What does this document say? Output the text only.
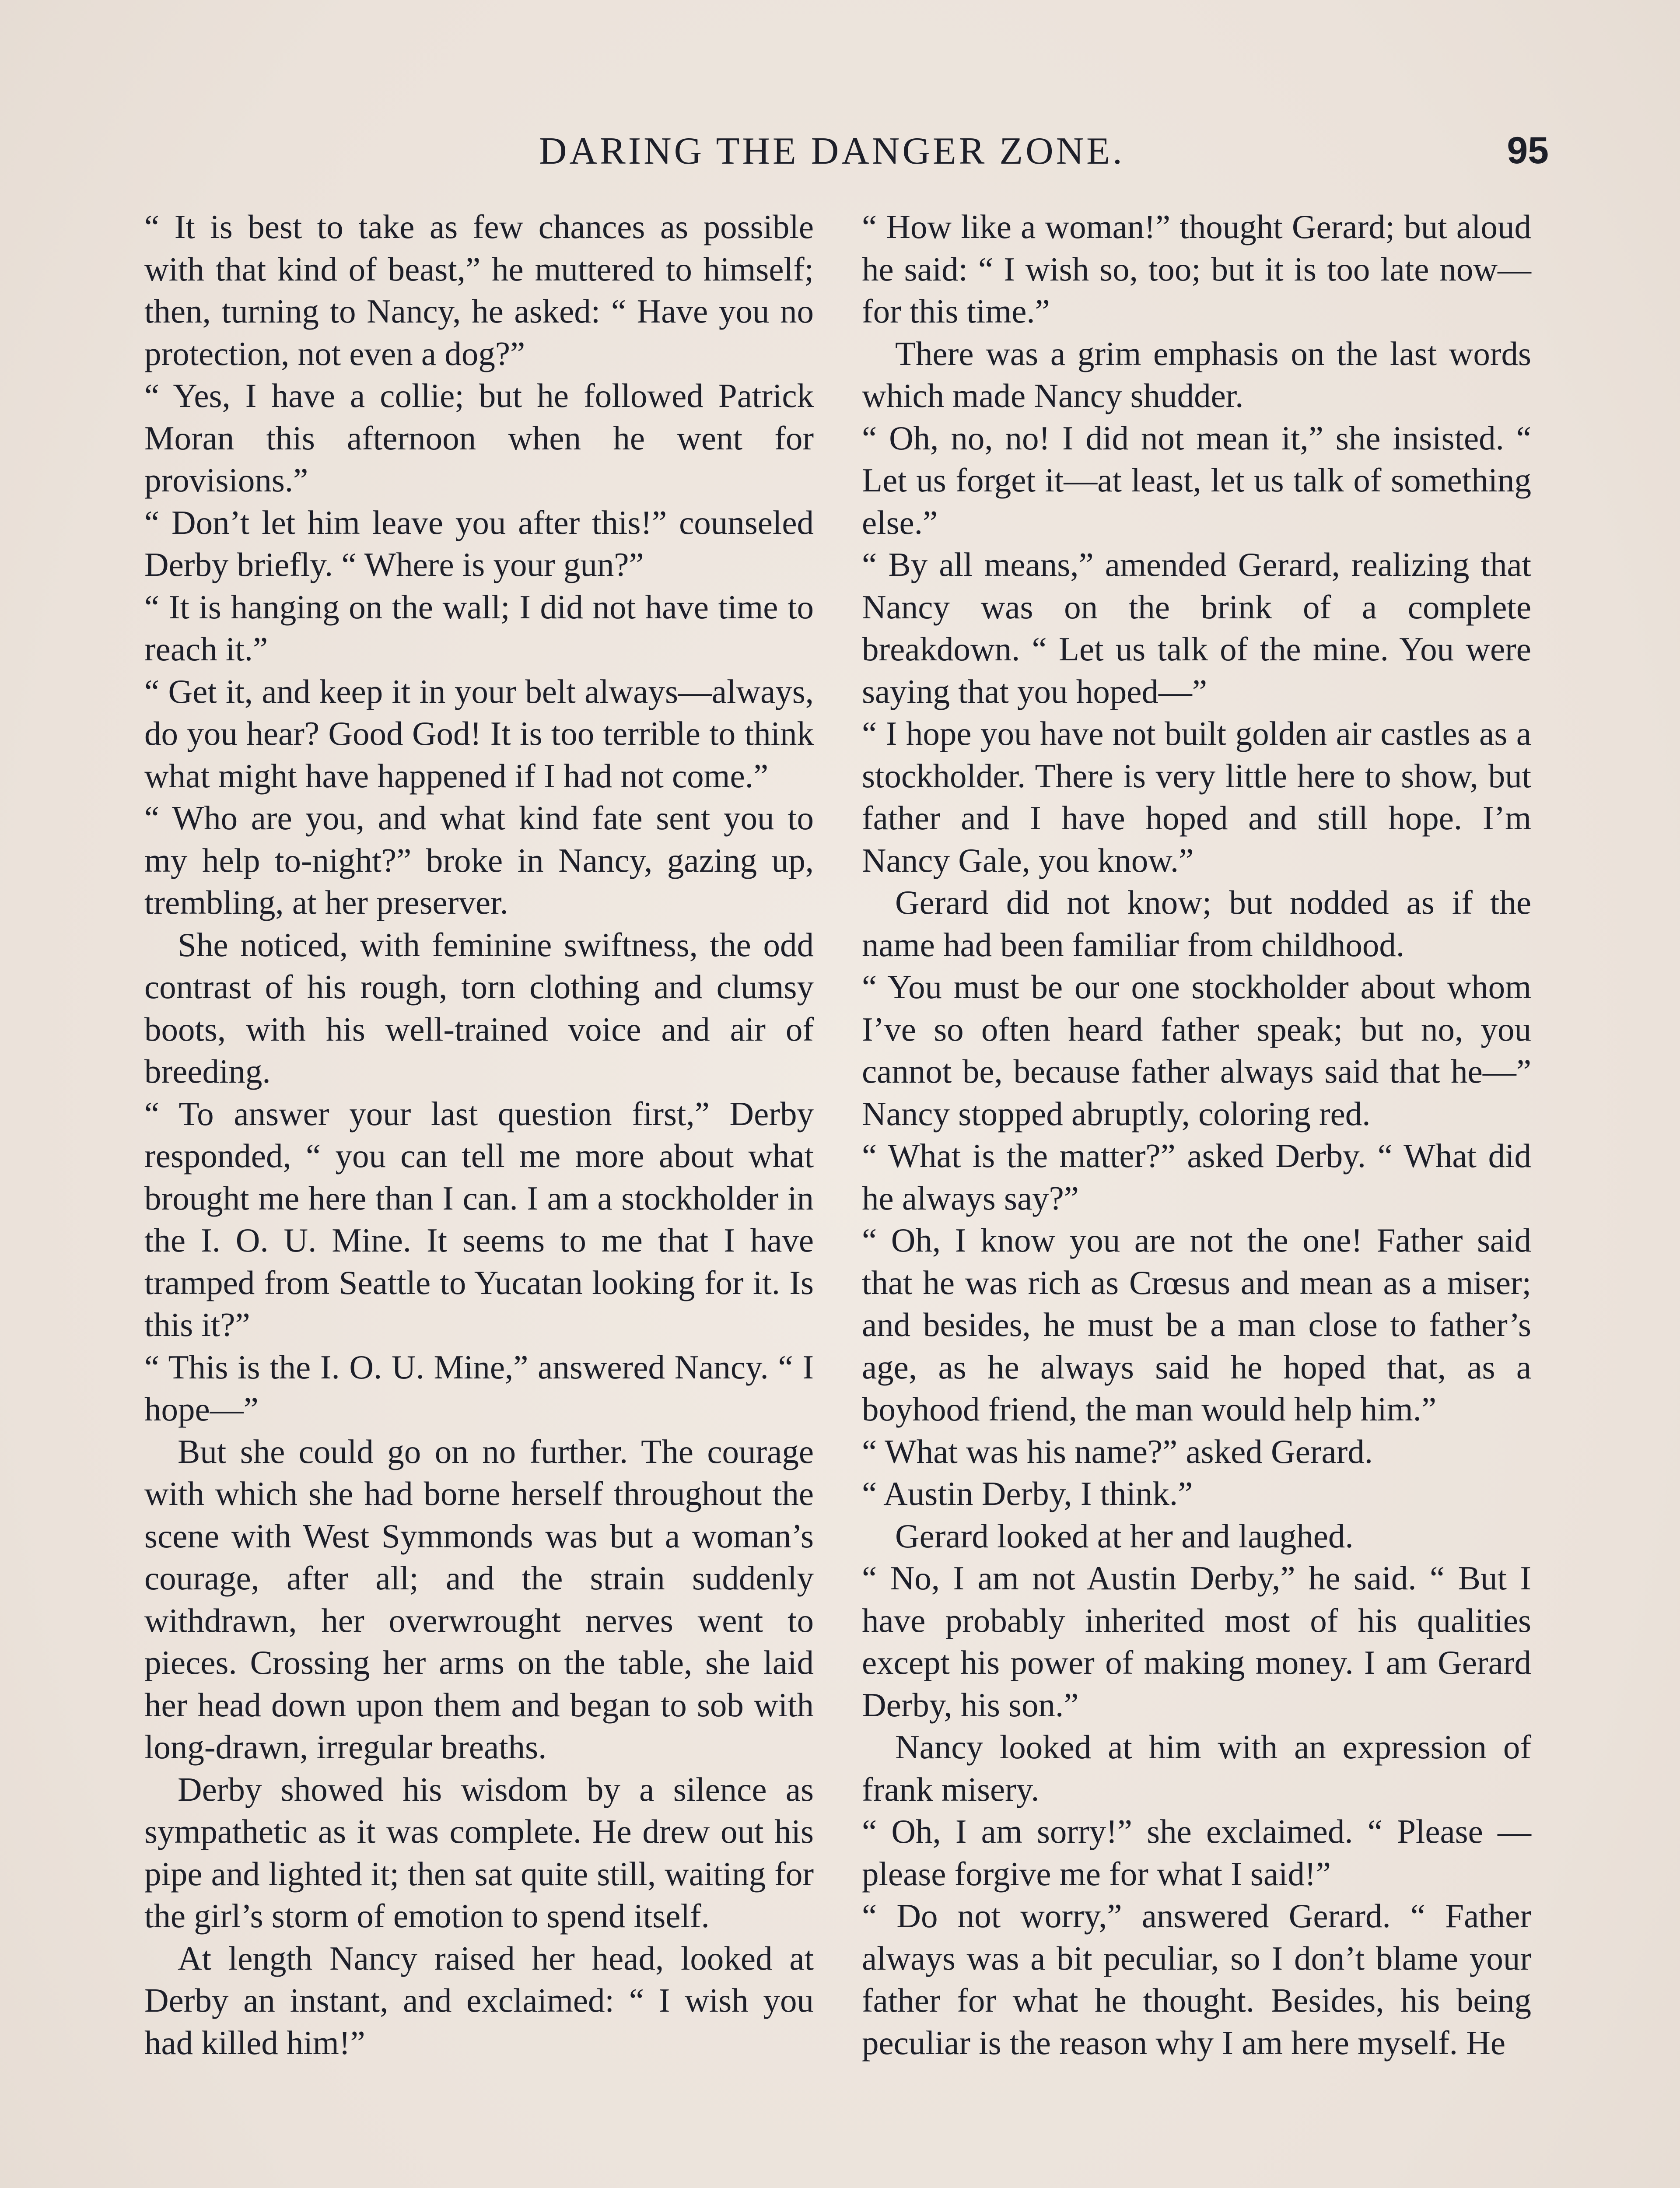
DARING THE DANGER ZONE.	95

“ It is best to take as few chances as possible with that kind of beast,” he muttered to himself; then, turning to Nancy, he asked: “ Have you no protection, not even a dog?”

“ Yes, I have a collie; but he followed Patrick Moran this afternoon when he went for provisions.”

“ Don’t let him leave you after this!” counseled Derby briefly. “ Where is your gun?”

“ It is hanging on the wall; I did not have time to reach it.”

“ Get it, and keep it in your belt always—always, do you hear? Good God! It is too terrible to think what might have happened if I had not come.”

“ Who are you, and what kind fate sent you to my help to-night?” broke in Nancy, gazing up, trembling, at her preserver.

She noticed, with feminine swiftness, the odd contrast of his rough, torn clothing and clumsy boots, with his well-trained voice and air of breeding.

“ To answer your last question first,” Derby responded, “ you can tell me more about what brought me here than I can. I am a stockholder in the I. O. U. Mine. It seems to me that I have tramped from Seattle to Yucatan looking for it. Is this it?”

“ This is the I. O. U. Mine,” answered Nancy. “ I hope—”

But she could go on no further. The courage with which she had borne herself throughout the scene with West Symmonds was but a woman’s courage, after all; and the strain suddenly withdrawn, her overwrought nerves went to pieces. Crossing her arms on the table, she laid her head down upon them and began to sob with long-drawn, irregular breaths.

Derby showed his wisdom by a silence as sympathetic as it was complete. He drew out his pipe and lighted it; then sat quite still, waiting for the girl’s storm of emotion to spend itself.

At length Nancy raised her head, looked at Derby an instant, and exclaimed: “ I wish you had killed him!”

“ How like a woman!” thought Gerard; but aloud he said: “ I wish so, too; but it is too late now—for this time.”

There was a grim emphasis on the last words which made Nancy shudder.

“ Oh, no, no! I did not mean it,” she insisted. “ Let us forget it—at least, let us talk of something else.”

“ By all means,” amended Gerard, realizing that Nancy was on the brink of a complete breakdown. “ Let us talk of the mine. You were saying that you hoped—”

“ I hope you have not built golden air castles as a stockholder. There is very little here to show, but father and I have hoped and still hope. I’m Nancy Gale, you know.”

Gerard did not know; but nodded as if the name had been familiar from childhood.

“ You must be our one stockholder about whom I’ve so often heard father speak; but no, you cannot be, because father always said that he—” Nancy stopped abruptly, coloring red.

“ What is the matter?” asked Derby. “ What did he always say?”

“ Oh, I know you are not the one! Father said that he was rich as Crœsus and mean as a miser; and besides, he must be a man close to father’s age, as he always said he hoped that, as a boyhood friend, the man would help him.”

“ What was his name?” asked Gerard.

“ Austin Derby, I think.”

Gerard looked at her and laughed.

“ No, I am not Austin Derby,” he said. “ But I have probably inherited most of his qualities except his power of making money. I am Gerard Derby, his son.”

Nancy looked at him with an expression of frank misery.

“ Oh, I am sorry!” she exclaimed. “ Please — please forgive me for what I said!”

“ Do not worry,” answered Gerard. “ Father always was a bit peculiar, so I don’t blame your father for what he thought. Besides, his being peculiar is the reason why I am here myself. He
